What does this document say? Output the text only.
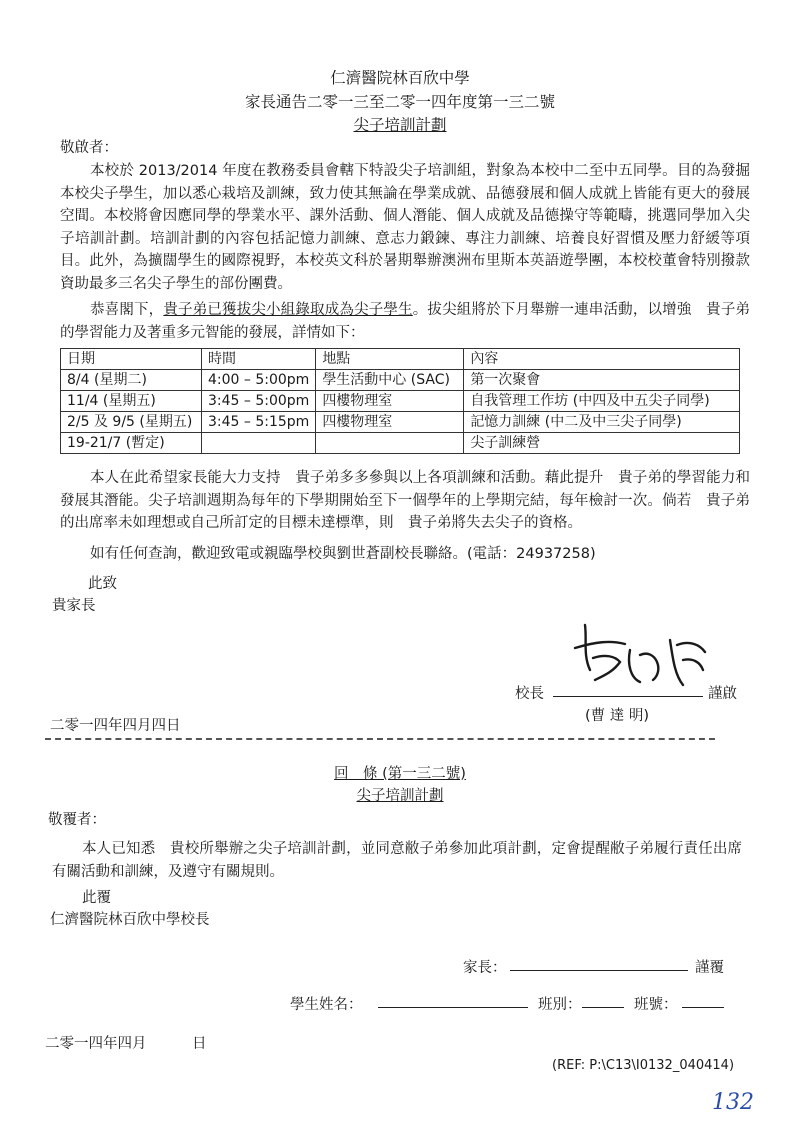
仁濟醫院林百欣中學
家長通告二零一三至二零一四年度第一三二號
尖子培訓計劃
敬啟者：
本校於 2013/2014 年度在教務委員會轄下特設尖子培訓組，對象為本校中二至中五同學。目的為發掘本校尖子學生，加以悉心栽培及訓練，致力使其無論在學業成就、品德發展和個人成就上皆能有更大的發展空間。本校將會因應同學的學業水平、課外活動、個人潛能、個人成就及品德操守等範疇，挑選同學加入尖子培訓計劃。培訓計劃的內容包括記憶力訓練、意志力鍛鍊、專注力訓練、培養良好習慣及壓力舒緩等項目。此外，為擴闊學生的國際視野，本校英文科於暑期舉辦澳洲布里斯本英語遊學團，本校校董會特別撥款資助最多三名尖子學生的部份團費。
恭喜閣下，貴子弟已獲拔尖小組錄取成為尖子學生。拔尖組將於下月舉辦一連串活動，以增強　貴子弟的學習能力及著重多元智能的發展，詳情如下：
日期	時間	地點	內容
8/4 (星期二)	4:00 – 5:00pm	學生活動中心 (SAC)	第一次聚會
11/4 (星期五)	3:45 – 5:00pm	四樓物理室	自我管理工作坊 (中四及中五尖子同學)
2/5 及 9/5 (星期五)	3:45 – 5:15pm	四樓物理室	記憶力訓練 (中二及中三尖子同學)
19-21/7 (暫定)			尖子訓練營
本人在此希望家長能大力支持　貴子弟多多參與以上各項訓練和活動。藉此提升　貴子弟的學習能力和發展其潛能。尖子培訓週期為每年的下學期開始至下一個學年的上學期完結，每年檢討一次。倘若　貴子弟的出席率未如理想或自己所訂定的目標未達標準，則　貴子弟將失去尖子的資格。
如有任何查詢，歡迎致電或親臨學校與劉世蒼副校長聯絡。(電話：24937258)
此致
貴家長
校長	謹啟
(曹 達 明)
二零一四年四月四日
回　條 (第一三二號)
尖子培訓計劃
敬覆者：
本人已知悉　貴校所舉辦之尖子培訓計劃，並同意敝子弟參加此項計劃，定會提醒敝子弟履行責任出席有關活動和訓練，及遵守有關規則。
此覆
仁濟醫院林百欣中學校長
家長：	謹覆
學生姓名：	班別：	班號：
二零一四年四月	日
(REF: P:\C13\I0132_040414)
132
